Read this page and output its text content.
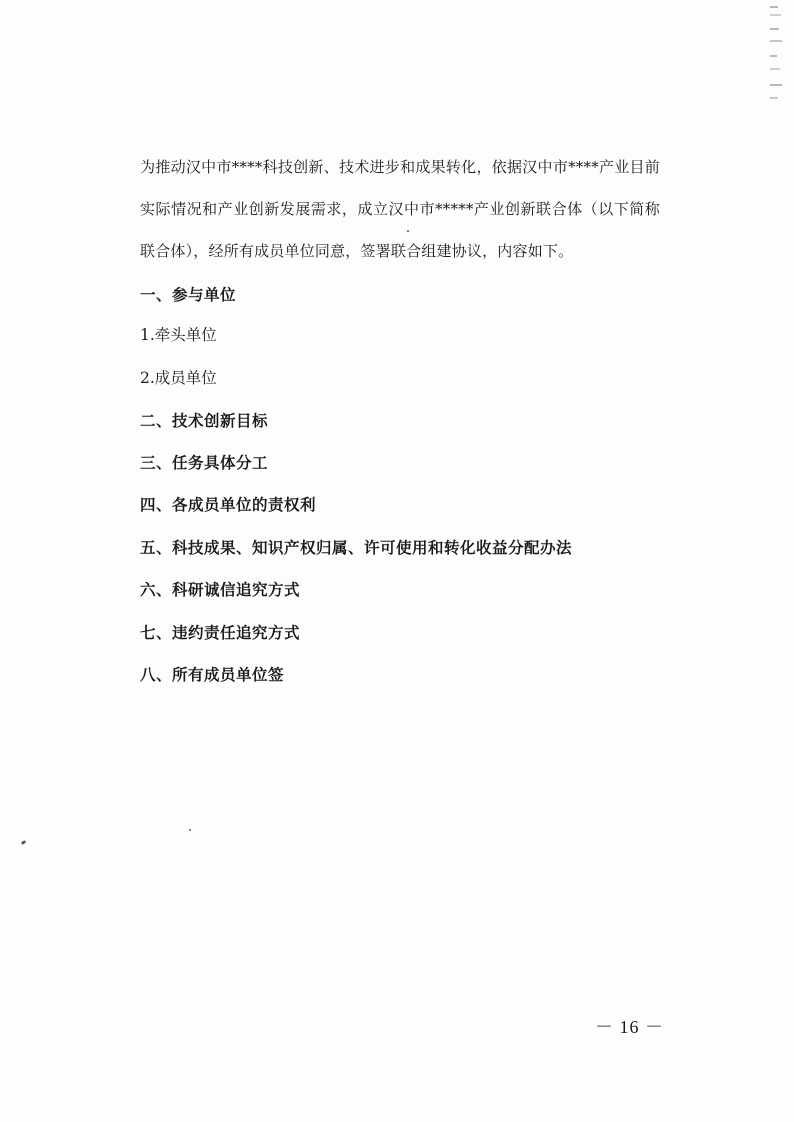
为推动汉中市****科技创新、技术进步和成果转化，依据汉中市****产业目前实际情况和产业创新发展需求，成立汉中市*****产业创新联合体（以下简称联合体），经所有成员单位同意，签署联合组建协议，内容如下。

一、参与单位

1.牵头单位

2.成员单位

二、技术创新目标

三、任务具体分工

四、各成员单位的责权利

五、科技成果、知识产权归属、许可使用和转化收益分配办法

六、科研诚信追究方式

七、违约责任追究方式

八、所有成员单位签

－ 16 －
